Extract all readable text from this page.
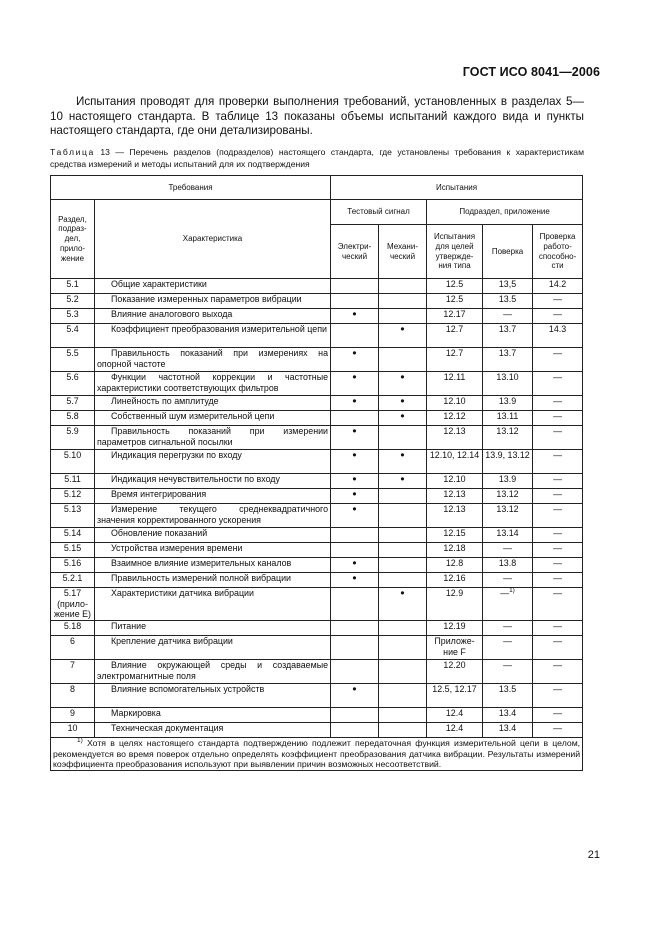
ГОСТ ИСО 8041—2006

Испытания проводят для проверки выполнения требований, установленных в разделах 5—10 настоящего стандарта. В таблице 13 показаны объемы испытаний каждого вида и пункты настоящего стандарта, где они детализированы.

Таблица 13 — Перечень разделов (подразделов) настоящего стандарта, где установлены требования к характеристикам средства измерений и методы испытаний для их подтверждения

Требования		Испытания				
Раздел, подраз-дел, прило-жение	Характеристика	Тестовый сигнал		Подраздел, приложение		
		Электри-ческий	Механи-ческий	Испытания для целей утвержде-ния типа	Поверка	Проверка работо-способно-сти
5.1	Общие характеристики			12.5	13,5	14.2
5.2	Показание измеренных параметров вибрации			12.5	13.5	—
5.3	Влияние аналогового выхода	•		12.17	—	—
5.4	Коэффициент преобразования измерительной цепи		•	12.7	13.7	14.3
5.5	Правильность показаний при измерениях на опорной частоте	•		12.7	13.7	—
5.6	Функции частотной коррекции и частотные характеристики соответствующих фильтров	•	•	12.11	13.10	—
5.7	Линейность по амплитуде	•	•	12.10	13.9	—
5.8	Собственный шум измерительной цепи		•	12.12	13.11	—
5.9	Правильность показаний при измерении параметров сигнальной посылки	•		12.13	13.12	—
5.10	Индикация перегрузки по входу	•	•	12.10, 12.14	13.9, 13.12	—
5.11	Индикация нечувствительности по входу	•	•	12.10	13.9	—
5.12	Время интегрирования	•		12.13	13.12	—
5.13	Измерение текущего среднеквадратичного значения корректированного ускорения	•		12.13	13.12	—
5.14	Обновление показаний			12.15	13.14	—
5.15	Устройства измерения времени			12.18	—	—
5.16	Взаимное влияние измерительных каналов	•		12.8	13.8	—
5.2.1	Правильность измерений полной вибрации	•		12.16	—	—
5.17 (прило-жение Е)	Характеристики датчика вибрации		•	12.9	—$^{1)}$	—
5.18	Питание			12.19	—	—
6	Крепление датчика вибрации			Приложе-ние F	—	—
7	Влияние окружающей среды и создаваемые электромагнитные поля			12.20	—	—
8	Влияние вспомогательных устройств	•		12.5, 12.17	13.5	—
9	Маркировка			12.4	13.4	—
10	Техническая документация			12.4	13.4	—
$^{1)}$ Хотя в целях настоящего стандарта подтверждению подлежит передаточная функция измерительной цепи в целом, рекомендуется во время поверок отдельно определять коэффициент преобразования датчика вибрации. Результаты измерений коэффициента преобразования используют при выявлении причин возможных несоответствий.						
21
